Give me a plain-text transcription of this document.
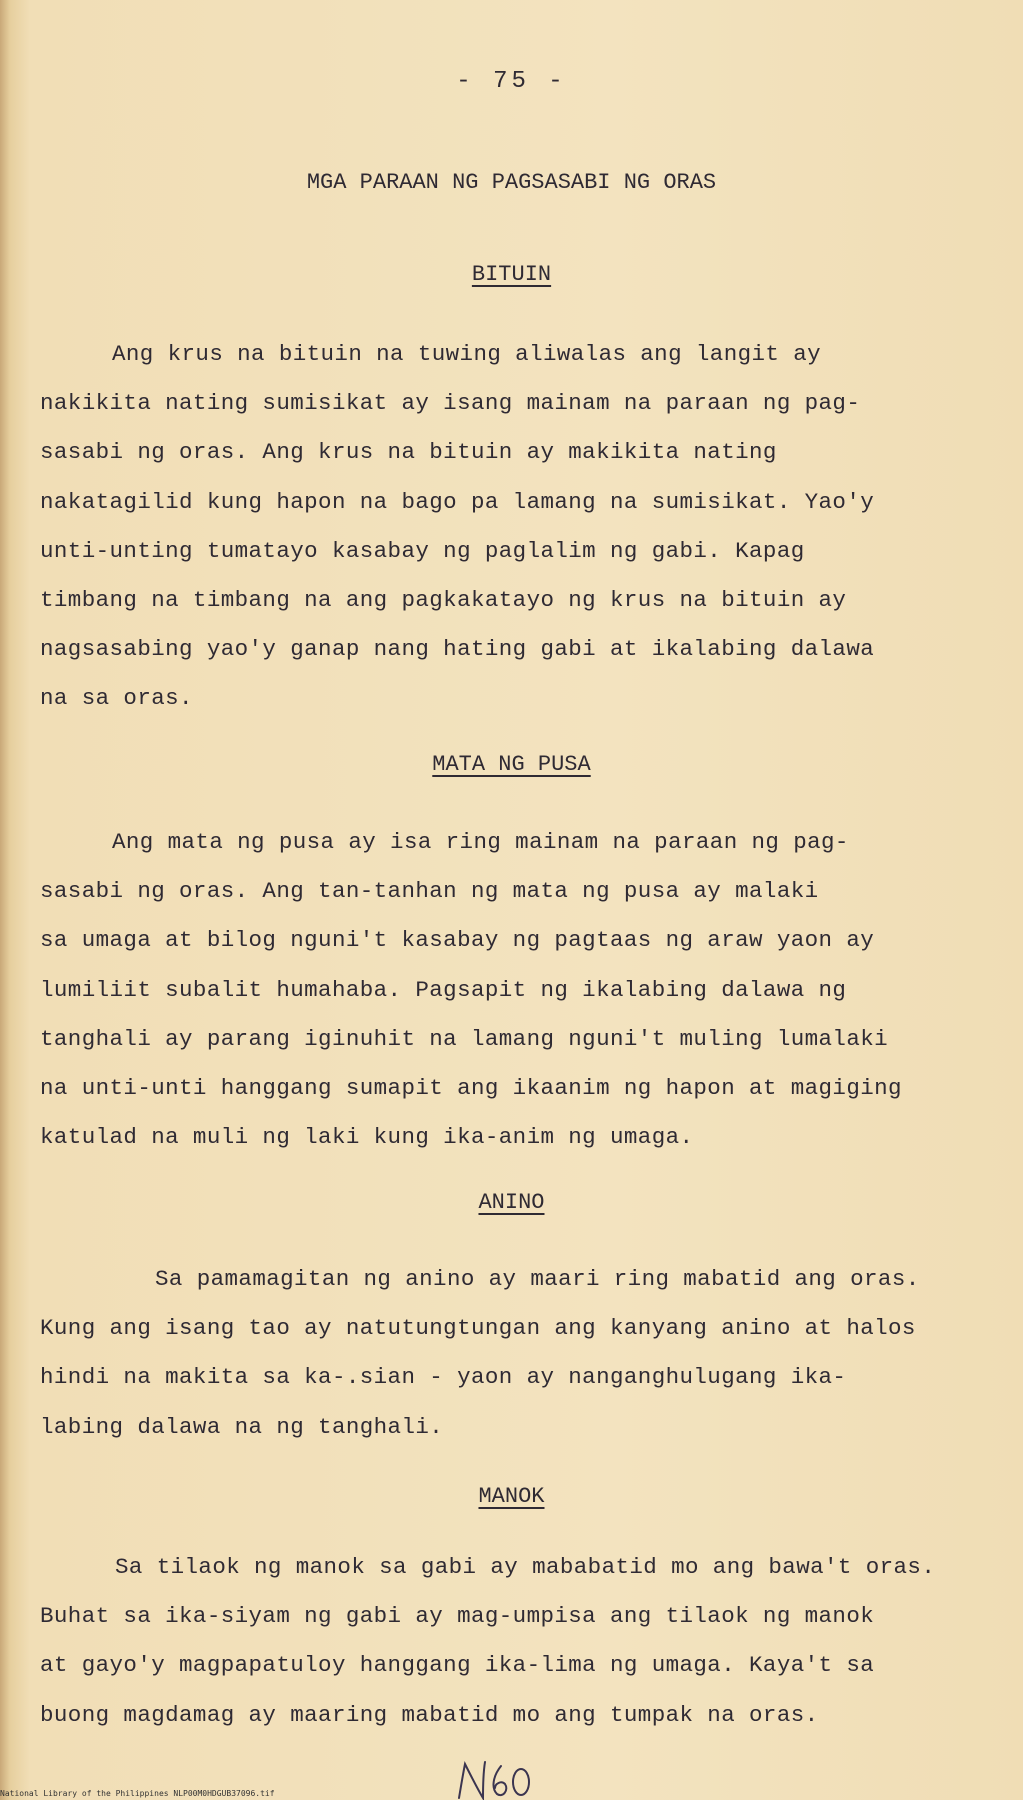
- 75 -
MGA PARAAN NG PAGSASABI NG ORAS
BITUIN
Ang krus na bituin na tuwing aliwalas ang langit ay
nakikita nating sumisikat ay isang mainam na paraan ng pag-
sasabi ng oras. Ang krus na bituin ay makikita nating
nakatagilid kung hapon na bago pa lamang na sumisikat. Yao'y
unti-unting tumatayo kasabay ng paglalim ng gabi. Kapag
timbang na timbang na ang pagkakatayo ng krus na bituin ay
nagsasabing yao'y ganap nang hating gabi at ikalabing dalawa
na sa oras.
MATA NG PUSA
Ang mata ng pusa ay isa ring mainam na paraan ng pag-
sasabi ng oras. Ang tan-tanhan ng mata ng pusa ay malaki
sa umaga at bilog nguni't kasabay ng pagtaas ng araw yaon ay
lumiliit subalit humahaba. Pagsapit ng ikalabing dalawa ng
tanghali ay parang iginuhit na lamang nguni't muling lumalaki
na unti-unti hanggang sumapit ang ikaanim ng hapon at magiging
katulad na muli ng laki kung ika-anim ng umaga.
ANINO
Sa pamamagitan ng anino ay maari ring mabatid ang oras.
Kung ang isang tao ay natutungtungan ang kanyang anino at halos
hindi na makita sa ka-.sian - yaon ay nanganghulugang ika-
labing dalawa na ng tanghali.
MANOK
Sa tilaok ng manok sa gabi ay mababatid mo ang bawa't oras.
Buhat sa ika-siyam ng gabi ay mag-umpisa ang tilaok ng manok
at gayo'y magpapatuloy hanggang ika-lima ng umaga. Kaya't sa
buong magdamag ay maaring mabatid mo ang tumpak na oras.
National Library of the Philippines NLP00M0HDGUB37096.tif
